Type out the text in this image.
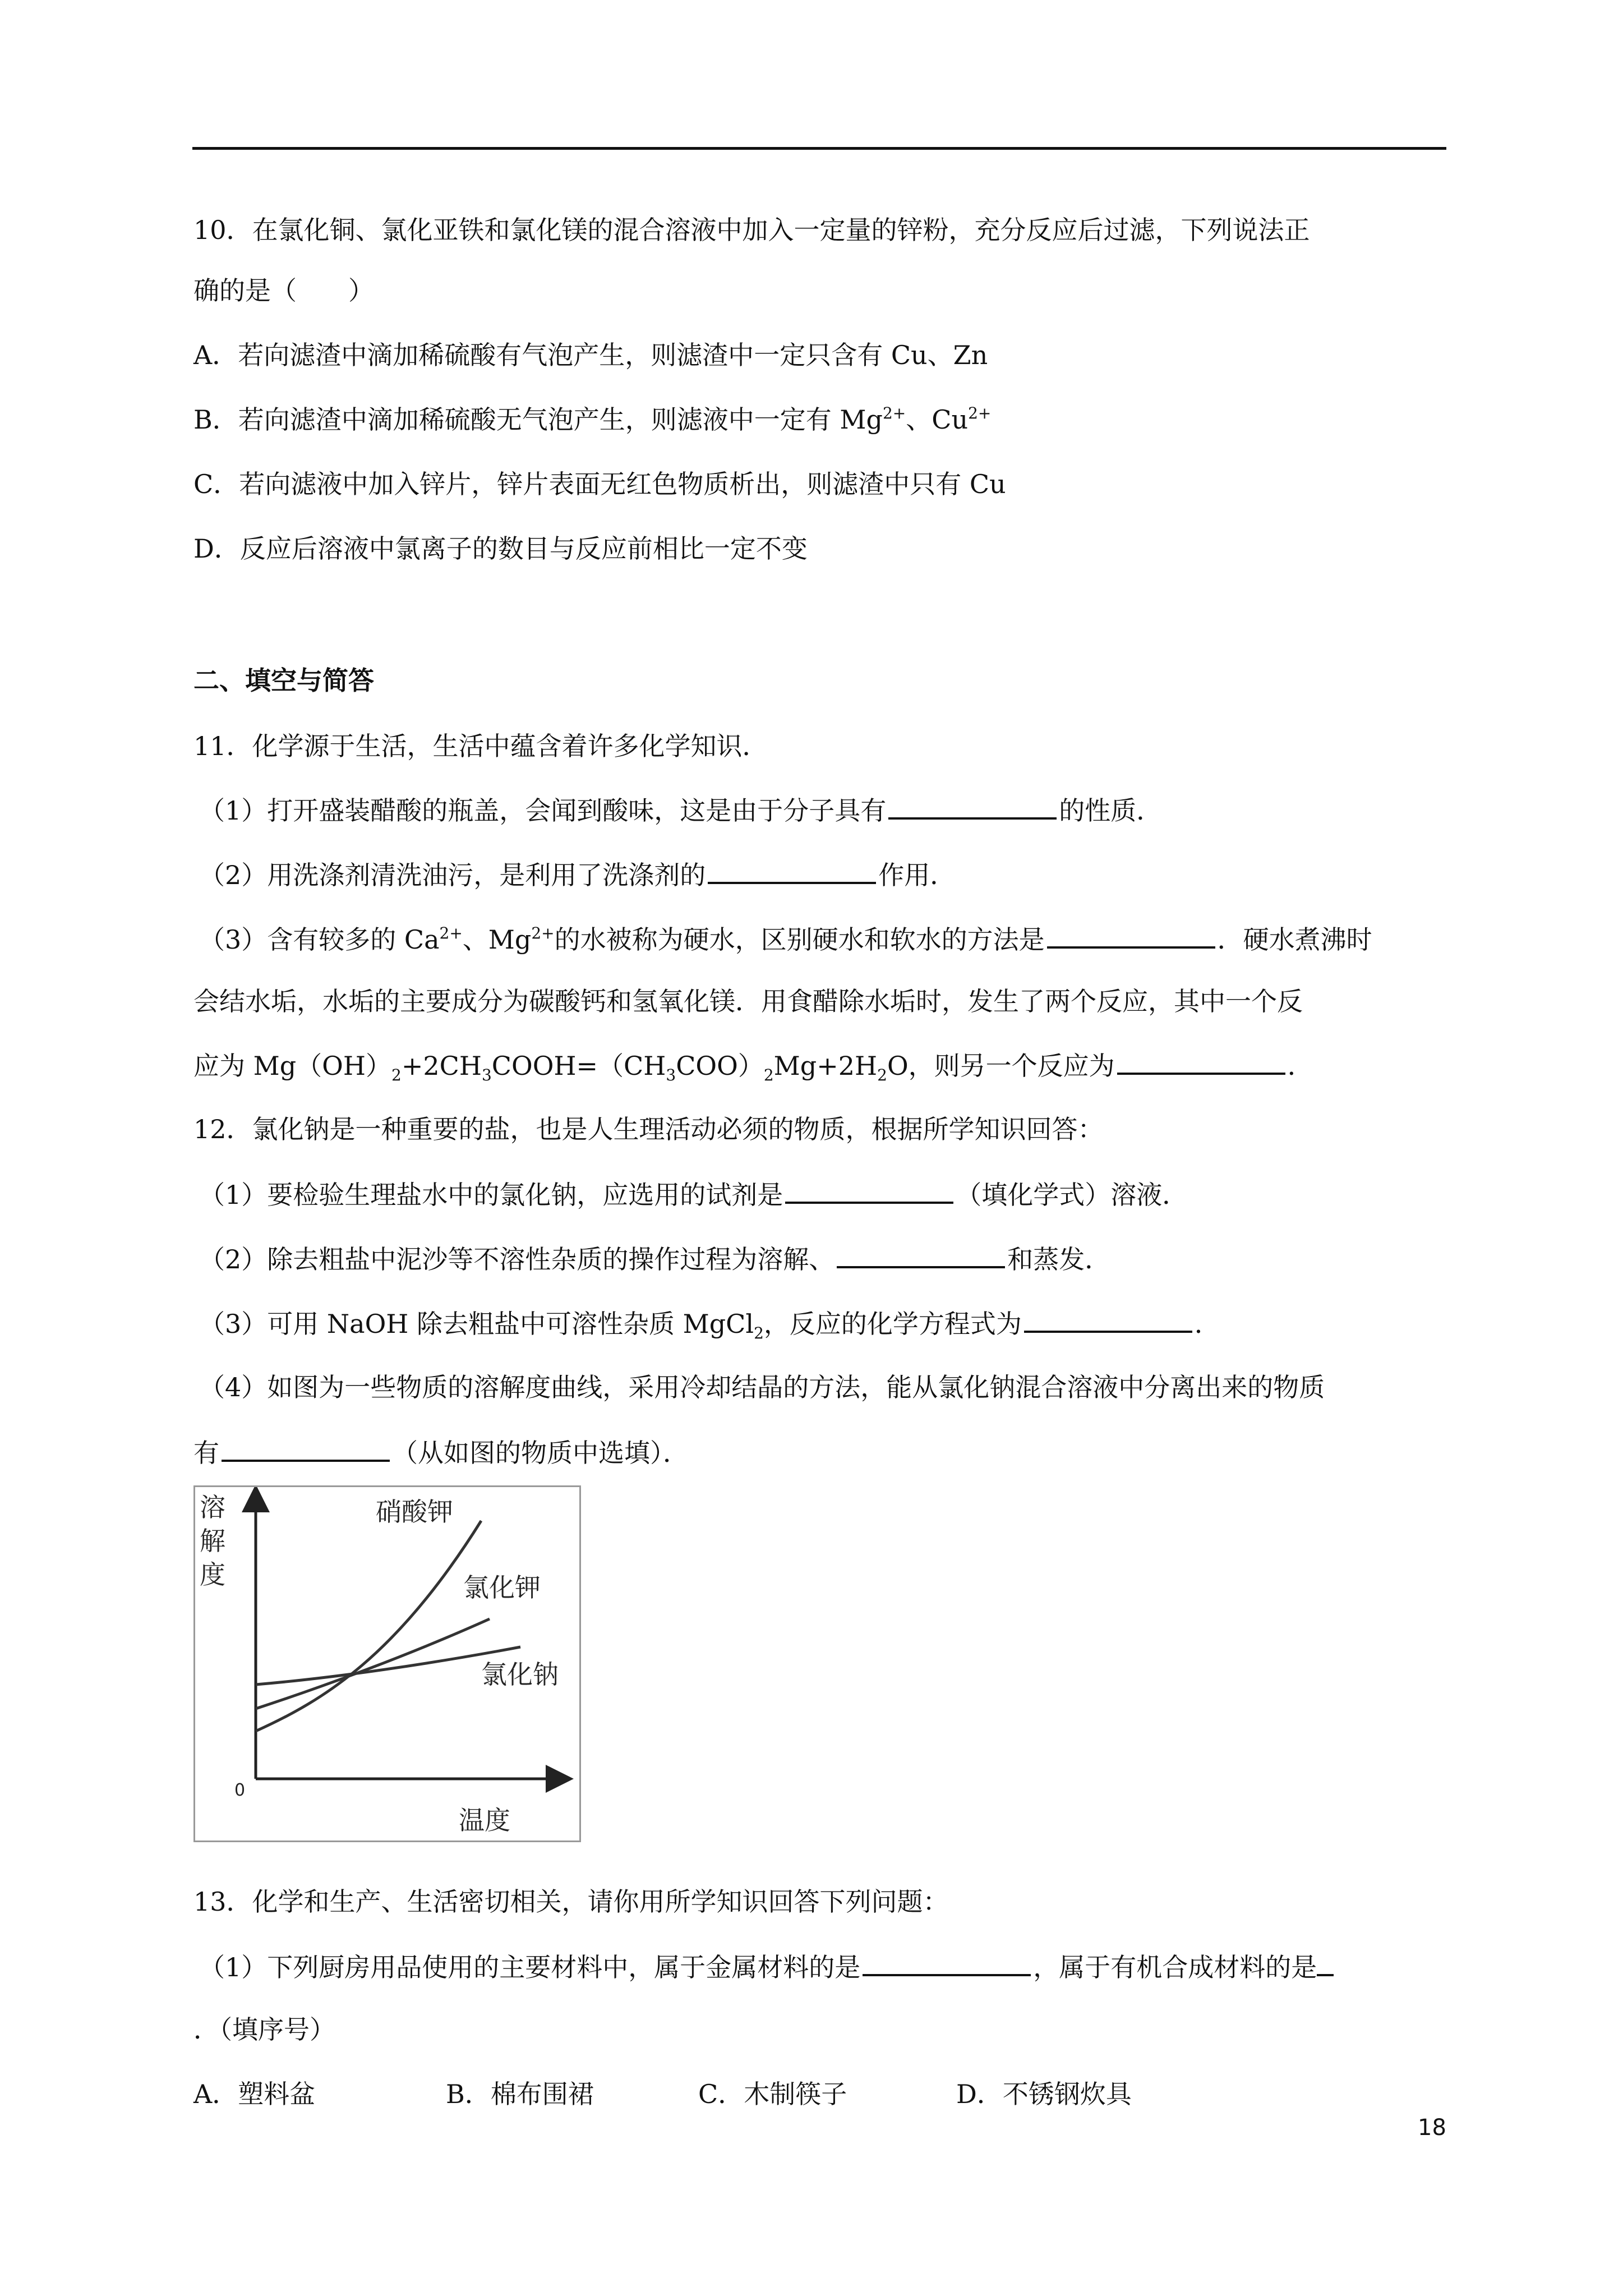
10．在氯化铜、氯化亚铁和氯化镁的混合溶液中加入一定量的锌粉，充分反应后过滤，下列说法正
确的是（　　）
A．若向滤渣中滴加稀硫酸有气泡产生，则滤渣中一定只含有 Cu、Zn
B．若向滤渣中滴加稀硫酸无气泡产生，则滤液中一定有 $Mg^{2+}$、$Cu^{2+}$
C．若向滤液中加入锌片，锌片表面无红色物质析出，则滤渣中只有 Cu
D．反应后溶液中氯离子的数目与反应前相比一定不变
二、填空与简答
11．化学源于生活，生活中蕴含着许多化学知识．
（1）打开盛装醋酸的瓶盖，会闻到酸味，这是由于分子具有	的性质．
（2）用洗涤剂清洗油污，是利用了洗涤剂的	作用．
（3）含有较多的 $Ca^{2+}$、$Mg^{2+}$的水被称为硬水，区别硬水和软水的方法是	．硬水煮沸时
会结水垢，水垢的主要成分为碳酸钙和氢氧化镁．用食醋除水垢时，发生了两个反应，其中一个反
应为 $Mg(OH)_2+2CH_3COOH=(CH_3COO)_2Mg+2H_2O$，则另一个反应为	．
12．氯化钠是一种重要的盐，也是人生理活动必须的物质，根据所学知识回答：
（1）要检验生理盐水中的氯化钠，应选用的试剂是	（填化学式）溶液．
（2）除去粗盐中泥沙等不溶性杂质的操作过程为溶解、	和蒸发．
（3）可用 NaOH 除去粗盐中可溶性杂质 MgCl$_2$，反应的化学方程式为	．
（4）如图为一些物质的溶解度曲线，采用冷却结晶的方法，能从氯化钠混合溶液中分离出来的物质
有	（从如图的物质中选填）．
溶
解
度
0
温度
硝酸钾
氯化钾
氯化钠
13．化学和生产、生活密切相关，请你用所学知识回答下列问题：
（1）下列厨房用品使用的主要材料中，属于金属材料的是	，属于有机合成材料的是
．（填序号）
A．塑料盆	B．棉布围裙	C．木制筷子	D．不锈钢炊具
18
